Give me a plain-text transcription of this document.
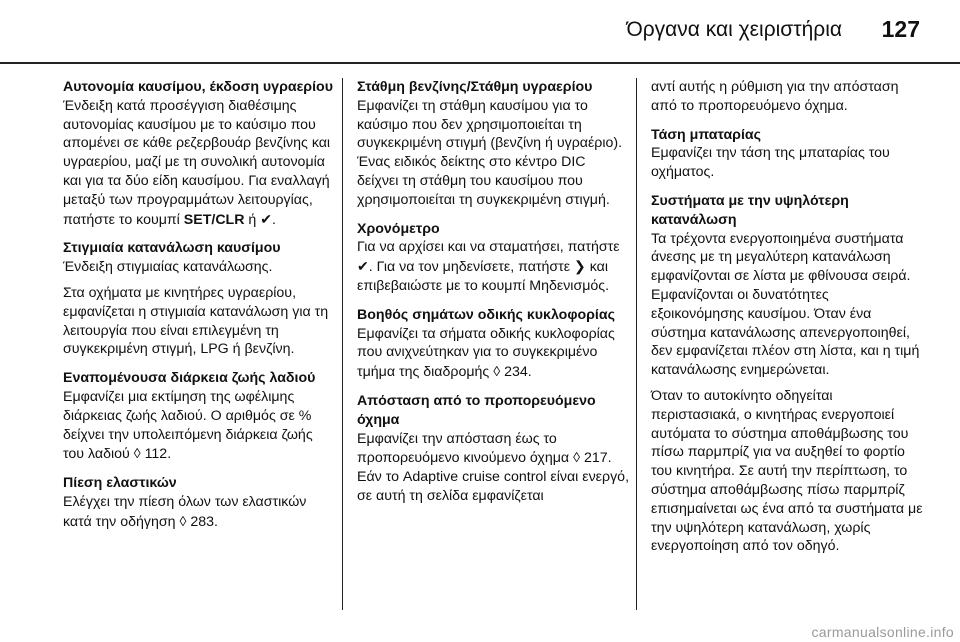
Όργανα και χειριστήρια 127
Αυτονομία καυσίμου, έκδοση υγραερίου
Ένδειξη κατά προσέγγιση διαθέσιμης αυτονομίας καυσίμου με το καύσιμο που απομένει σε κάθε ρεζερβουάρ βενζίνης και υγραερίου, μαζί με τη συνολική αυτονομία και για τα δύο είδη καυσίμου. Για εναλλαγή μεταξύ των προγραμμάτων λειτουργίας, πατήστε το κουμπί SET/CLR ή ✔.
Στιγμιαία κατανάλωση καυσίμου
Ένδειξη στιγμιαίας κατανάλωσης.
Στα οχήματα με κινητήρες υγραερίου, εμφανίζεται η στιγμιαία κατανάλωση για τη λειτουργία που είναι επιλεγμένη τη συγκεκριμένη στιγμή, LPG ή βενζίνη.
Εναπομένουσα διάρκεια ζωής λαδιού
Εμφανίζει μια εκτίμηση της ωφέλιμης διάρκειας ζωής λαδιού. Ο αριθμός σε % δείχνει την υπολειπόμενη διάρκεια ζωής του λαδιού ◊ 112.
Πίεση ελαστικών
Ελέγχει την πίεση όλων των ελαστικών κατά την οδήγηση ◊ 283.
Στάθμη βενζίνης/Στάθμη υγραερίου
Εμφανίζει τη στάθμη καυσίμου για το καύσιμο που δεν χρησιμοποιείται τη συγκεκριμένη στιγμή (βενζίνη ή υγραέριο). Ένας ειδικός δείκτης στο κέντρο DIC δείχνει τη στάθμη του καυσίμου που χρησιμοποιείται τη συγκεκριμένη στιγμή.
Χρονόμετρο
Για να αρχίσει και να σταματήσει, πατήστε ✔. Για να τον μηδενίσετε, πατήστε ❯ και επιβεβαιώστε με το κουμπί Μηδενισμός.
Βοηθός σημάτων οδικής κυκλοφορίας
Εμφανίζει τα σήματα οδικής κυκλοφορίας που ανιχνεύτηκαν για το συγκεκριμένο τμήμα της διαδρομής ◊ 234.
Απόσταση από το προπορευόμενο όχημα
Εμφανίζει την απόσταση έως το προπορευόμενο κινούμενο όχημα ◊ 217. Εάν το Adaptive cruise control είναι ενεργό, σε αυτή τη σελίδα εμφανίζεται
αντί αυτής η ρύθμιση για την απόσταση από το προπορευόμενο όχημα.
Τάση μπαταρίας
Εμφανίζει την τάση της μπαταρίας του οχήματος.
Συστήματα με την υψηλότερη κατανάλωση
Τα τρέχοντα ενεργοποιημένα συστήματα άνεσης με τη μεγαλύτερη κατανάλωση εμφανίζονται σε λίστα με φθίνουσα σειρά. Εμφανίζονται οι δυνατότητες εξοικονόμησης καυσίμου. Όταν ένα σύστημα κατανάλωσης απενεργοποιηθεί, δεν εμφανίζεται πλέον στη λίστα, και η τιμή κατανάλωσης ενημερώνεται.
Όταν το αυτοκίνητο οδηγείται περιστασιακά, ο κινητήρας ενεργοποιεί αυτόματα το σύστημα αποθάμβωσης του πίσω παρμπρίζ για να αυξηθεί το φορτίο του κινητήρα. Σε αυτή την περίπτωση, το σύστημα αποθάμβωσης πίσω παρμπρίζ επισημαίνεται ως ένα από τα συστήματα με την υψηλότερη κατανάλωση, χωρίς ενεργοποίηση από τον οδηγό.
carmanualsonline.info
